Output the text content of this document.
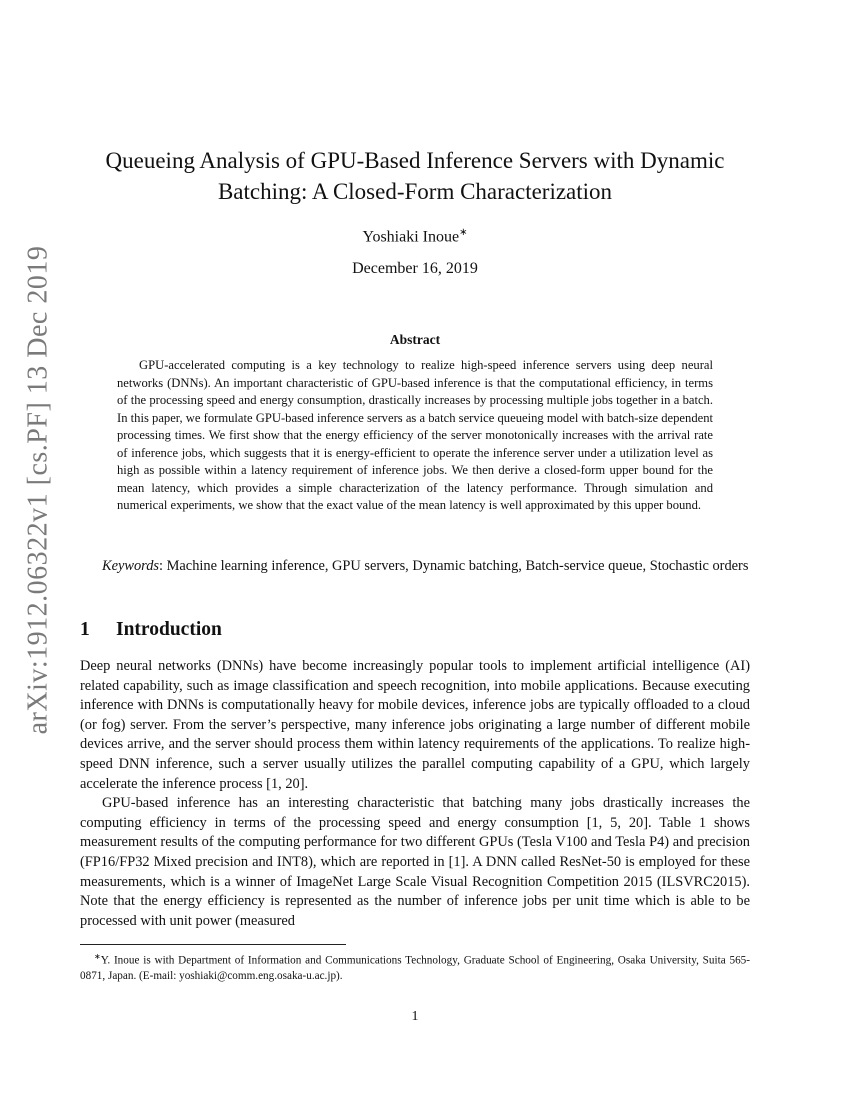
arXiv:1912.06322v1 [cs.PF] 13 Dec 2019
Queueing Analysis of GPU-Based Inference Servers with Dynamic Batching: A Closed-Form Characterization
Yoshiaki Inoue∗
December 16, 2019
Abstract

GPU-accelerated computing is a key technology to realize high-speed inference servers using deep neural networks (DNNs). An important characteristic of GPU-based inference is that the computational efficiency, in terms of the processing speed and energy consumption, drastically increases by processing multiple jobs together in a batch. In this paper, we formulate GPU-based inference servers as a batch service queueing model with batch-size dependent processing times. We first show that the energy efficiency of the server monotonically increases with the arrival rate of inference jobs, which suggests that it is energy-efficient to operate the inference server under a utilization level as high as possible within a latency requirement of inference jobs. We then derive a closed-form upper bound for the mean latency, which provides a simple characterization of the latency performance. Through simulation and numerical experiments, we show that the exact value of the mean latency is well approximated by this upper bound.

Keywords: Machine learning inference, GPU servers, Dynamic batching, Batch-service queue, Stochastic orders

1 Introduction

Deep neural networks (DNNs) have become increasingly popular tools to implement artificial intelligence (AI) related capability, such as image classification and speech recognition, into mobile applications. Because executing inference with DNNs is computationally heavy for mobile devices, inference jobs are typically offloaded to a cloud (or fog) server. From the server’s perspective, many inference jobs originating a large number of different mobile devices arrive, and the server should process them within latency requirements of the applications. To realize high-speed DNN inference, such a server usually utilizes the parallel computing capability of a GPU, which largely accelerate the inference process [1, 20].

GPU-based inference has an interesting characteristic that batching many jobs drastically increases the computing efficiency in terms of the processing speed and energy consumption [1, 5, 20]. Table 1 shows measurement results of the computing performance for two different GPUs (Tesla V100 and Tesla P4) and precision (FP16/FP32 Mixed precision and INT8), which are reported in [1]. A DNN called ResNet-50 is employed for these measurements, which is a winner of ImageNet Large Scale Visual Recognition Competition 2015 (ILSVRC2015). Note that the energy efficiency is represented as the number of inference jobs per unit time which is able to be processed with unit power (measured

∗Y. Inoue is with Department of Information and Communications Technology, Graduate School of Engineering, Osaka University, Suita 565-0871, Japan. (E-mail: yoshiaki@comm.eng.osaka-u.ac.jp).

1
